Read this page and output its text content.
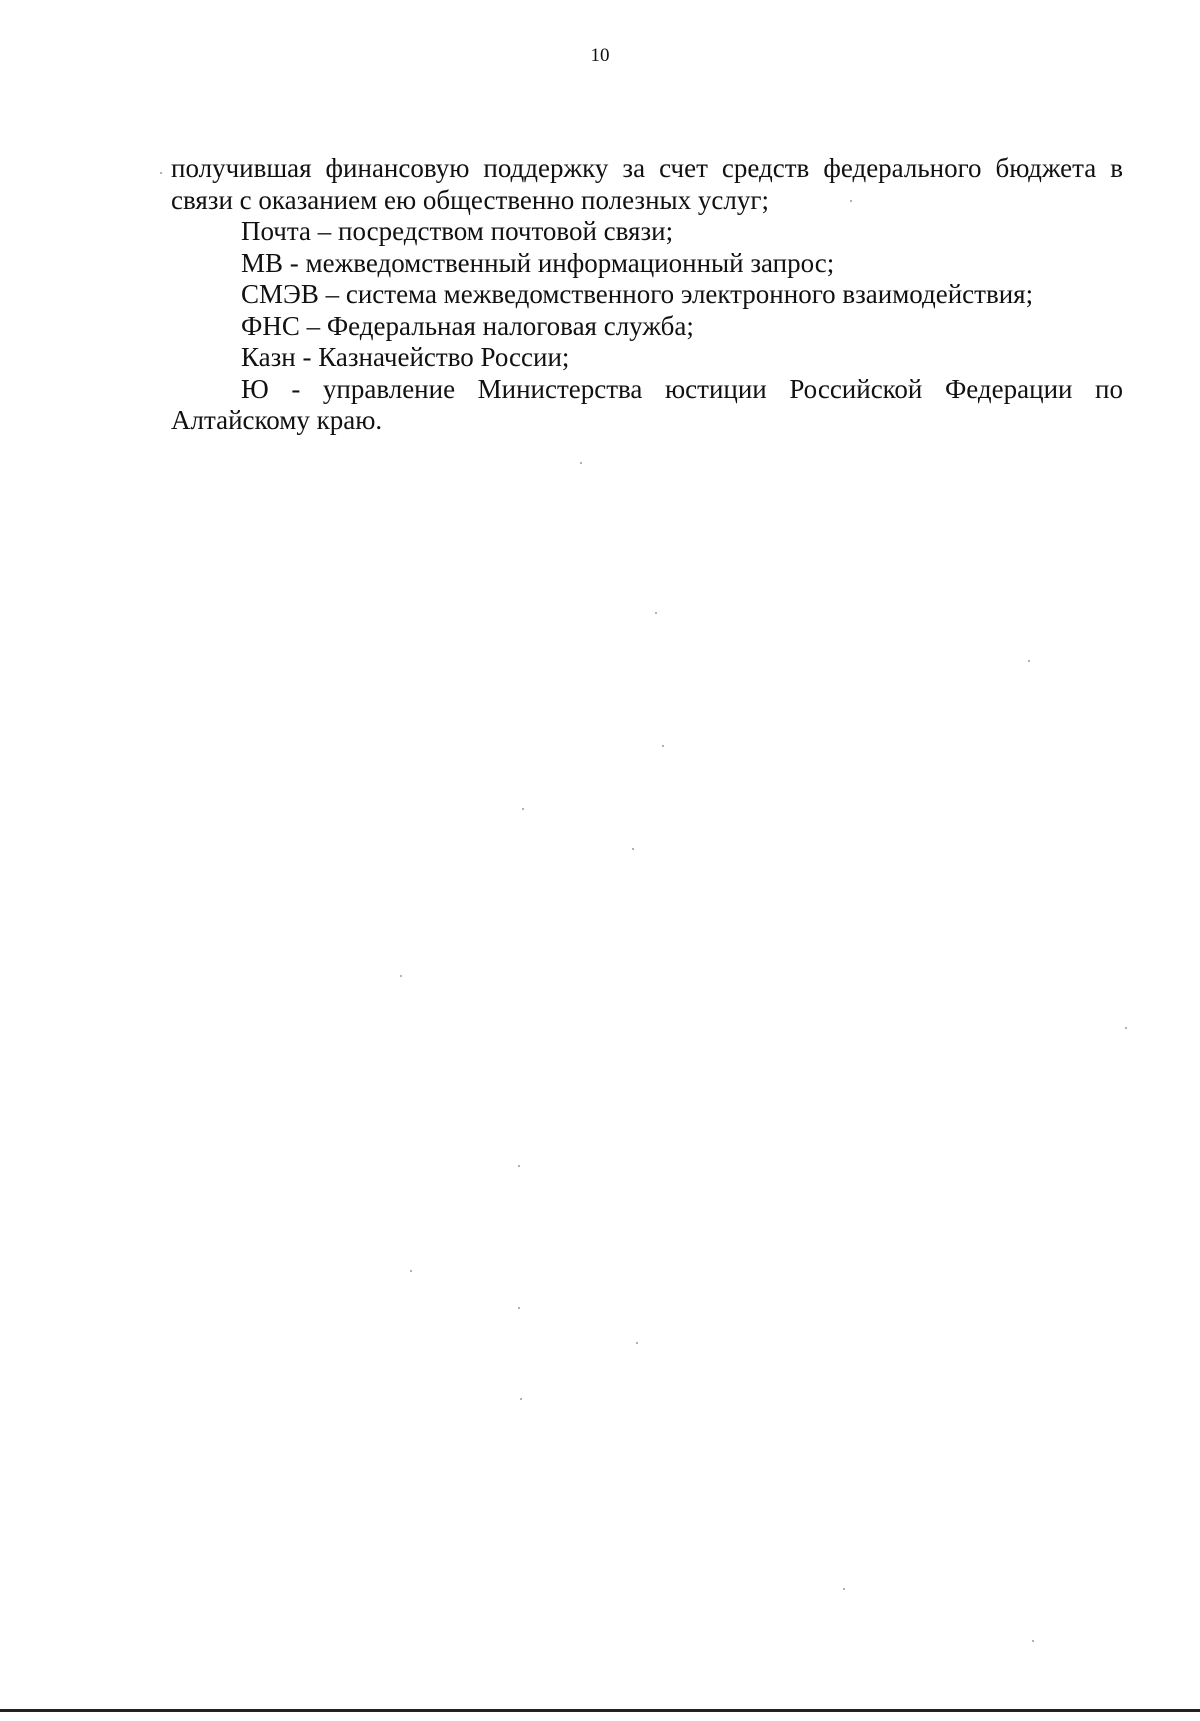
10

получившая финансовую поддержку за счет средств федерального бюджета в связи с оказанием ею общественно полезных услуг;

Почта – посредством почтовой связи;

МВ - межведомственный информационный запрос;

СМЭВ – система межведомственного электронного взаимодействия;

ФНС – Федеральная налоговая служба;

Казн - Казначейство России;

Ю - управление Министерства юстиции Российской Федерации по Алтайскому краю.
